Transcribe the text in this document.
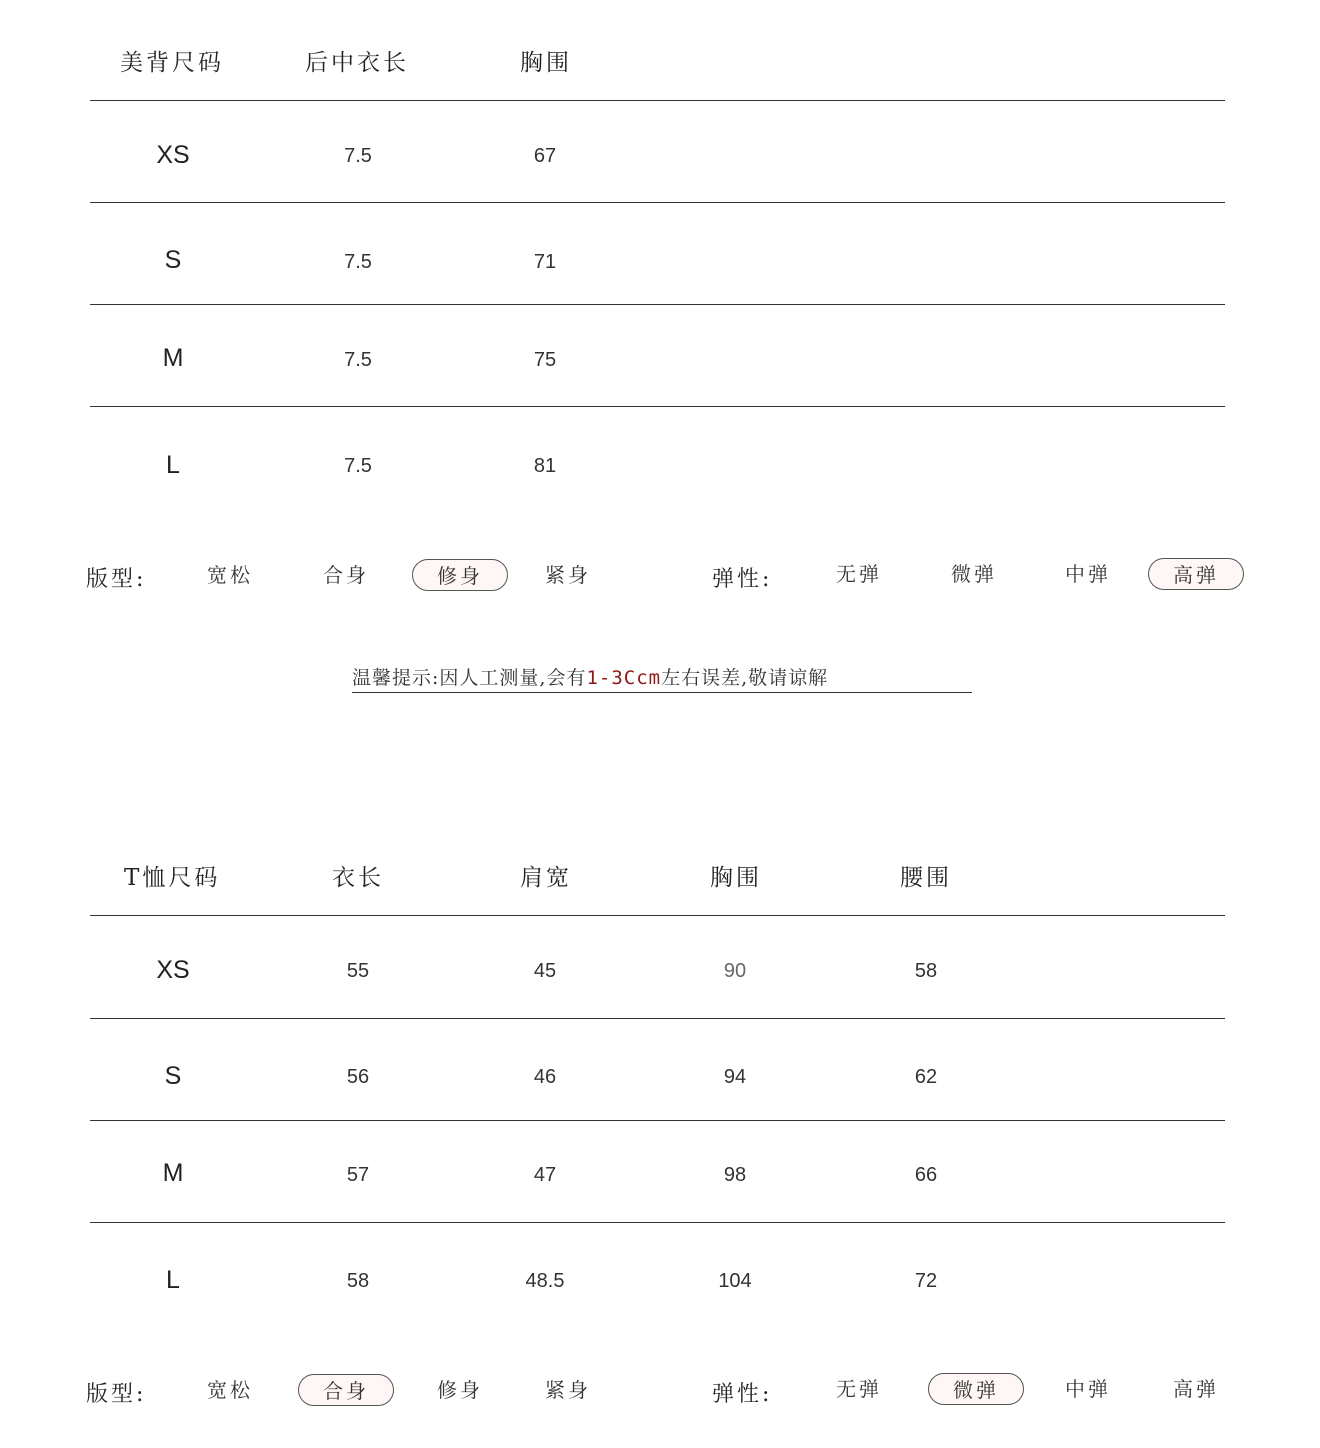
美背尺码	后中衣长	胸围
XS	7.5	67
S	7.5	71
M	7.5	75
L	7.5	81
版型:	宽松	合身	修身	紧身	弹性:	无弹	微弹	中弹	高弹
温馨提示:因人工测量,会有1-3Ccm左右误差,敬请谅解
T恤尺码	衣长	肩宽	胸围	腰围
XS	55	45	90	58
S	56	46	94	62
M	57	47	98	66
L	58	48.5	104	72
版型:	宽松	合身	修身	紧身	弹性:	无弹	微弹	中弹	高弹
